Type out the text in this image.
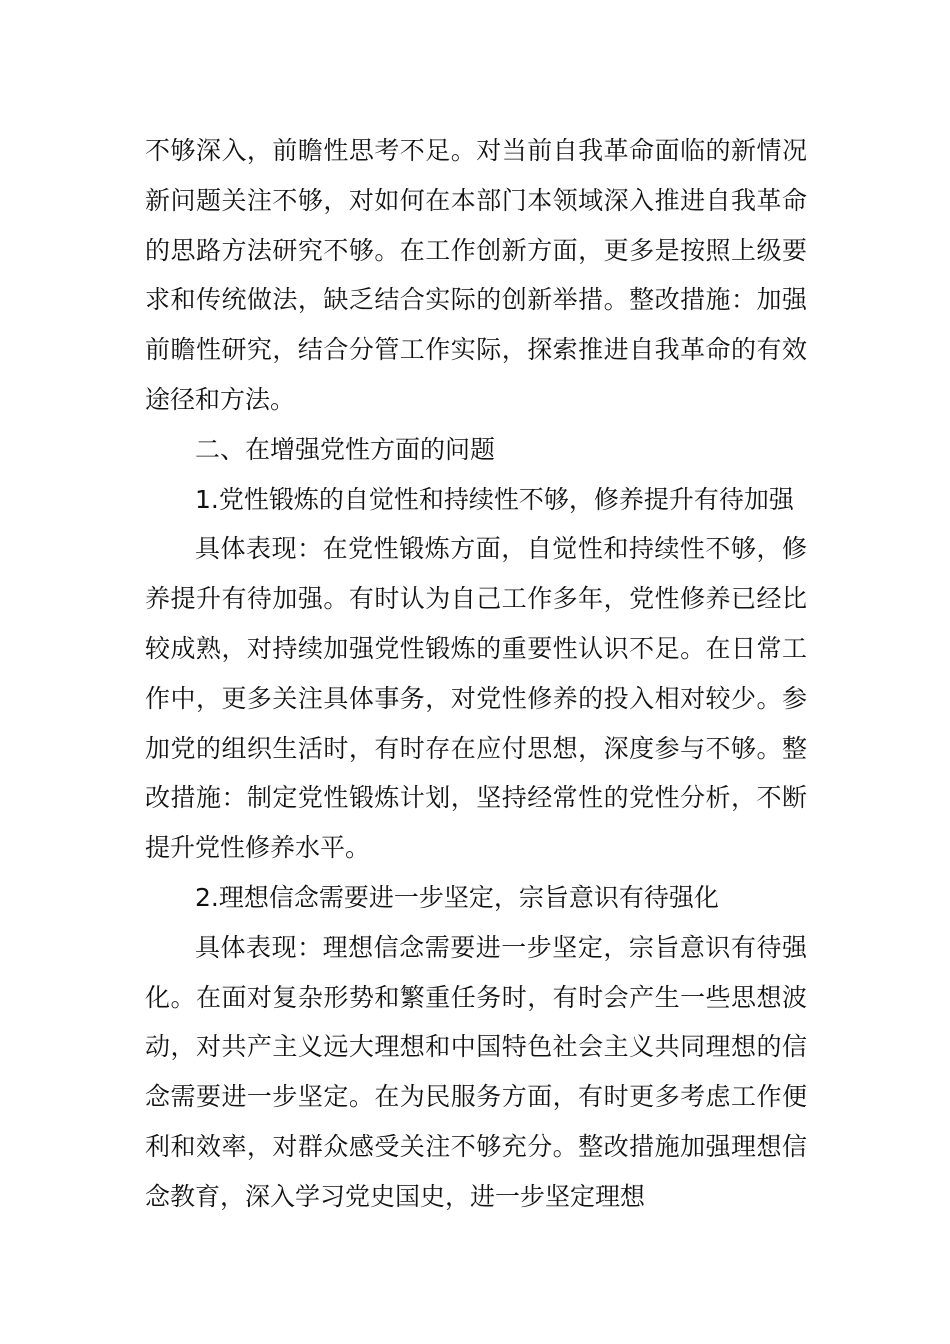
不够深入，前瞻性思考不足。对当前自我革命面临的新情况新问题关注不够，对如何在本部门本领域深入推进自我革命的思路方法研究不够。在工作创新方面，更多是按照上级要求和传统做法，缺乏结合实际的创新举措。整改措施：加强前瞻性研究，结合分管工作实际，探索推进自我革命的有效途径和方法。

二、在增强党性方面的问题

1.党性锻炼的自觉性和持续性不够，修养提升有待加强

具体表现：在党性锻炼方面，自觉性和持续性不够，修养提升有待加强。有时认为自己工作多年，党性修养已经比较成熟，对持续加强党性锻炼的重要性认识不足。在日常工作中，更多关注具体事务，对党性修养的投入相对较少。参加党的组织生活时，有时存在应付思想，深度参与不够。整改措施：制定党性锻炼计划，坚持经常性的党性分析，不断提升党性修养水平。

2.理想信念需要进一步坚定，宗旨意识有待强化

具体表现：理想信念需要进一步坚定，宗旨意识有待强化。在面对复杂形势和繁重任务时，有时会产生一些思想波动，对共产主义远大理想和中国特色社会主义共同理想的信念需要进一步坚定。在为民服务方面，有时更多考虑工作便利和效率，对群众感受关注不够充分。整改措施加强理想信念教育，深入学习党史国史，进一步坚定理想
